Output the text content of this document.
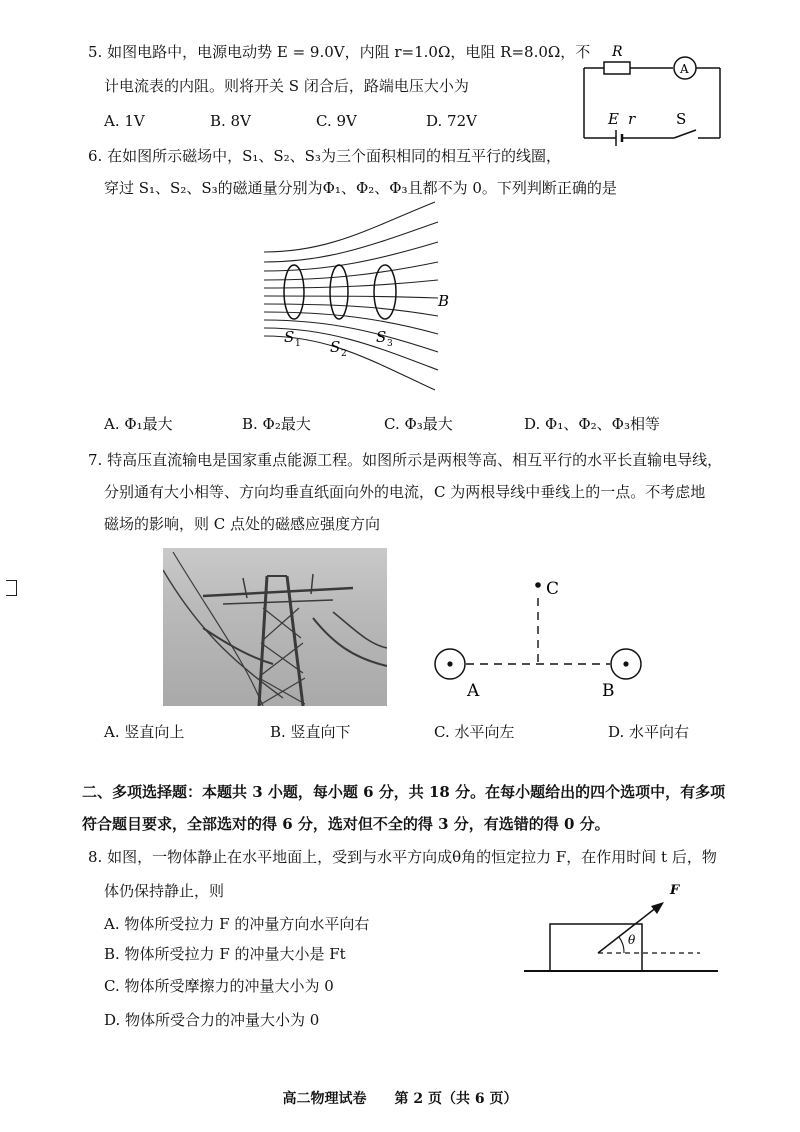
5. 如图电路中，电源电动势 E = 9.0V，内阻 r=1.0Ω，电阻 R=8.0Ω，不
计电流表的内阻。则将开关 S 闭合后，路端电压大小为
A. 1V	B. 8V	C. 9V	D. 72V
R
A
E r	S
6. 在如图所示磁场中，S₁、S₂、S₃为三个面积相同的相互平行的线圈，
穿过 S₁、S₂、S₃的磁通量分别为Φ₁、Φ₂、Φ₃且都不为 0。下列判断正确的是
B
S 1 S 2
S 3
A. Φ₁最大	B. Φ₂最大	C. Φ₃最大	D. Φ₁、Φ₂、Φ₃相等
7. 特高压直流输电是国家重点能源工程。如图所示是两根等高、相互平行的水平长直输电导线，
分别通有大小相等、方向均垂直纸面向外的电流，C 为两根导线中垂线上的一点。不考虑地
磁场的影响，则 C 点处的磁感应强度方向
C
A	B
A. 竖直向上	B. 竖直向下	C. 水平向左	D. 水平向右
二、多项选择题：本题共 3 小题，每小题 6 分，共 18 分。在每小题给出的四个选项中，有多项
符合题目要求，全部选对的得 6 分，选对但不全的得 3 分，有选错的得 0 分。
8. 如图，一物体静止在水平地面上，受到与水平方向成θ角的恒定拉力 F，在作用时间 t 后，物
体仍保持静止，则
A. 物体所受拉力 F 的冲量方向水平向右
B. 物体所受拉力 F 的冲量大小是 Ft
C. 物体所受摩擦力的冲量大小为 0
D. 物体所受合力的冲量大小为 0
F
θ
高二物理试卷　　第 2 页（共 6 页）
